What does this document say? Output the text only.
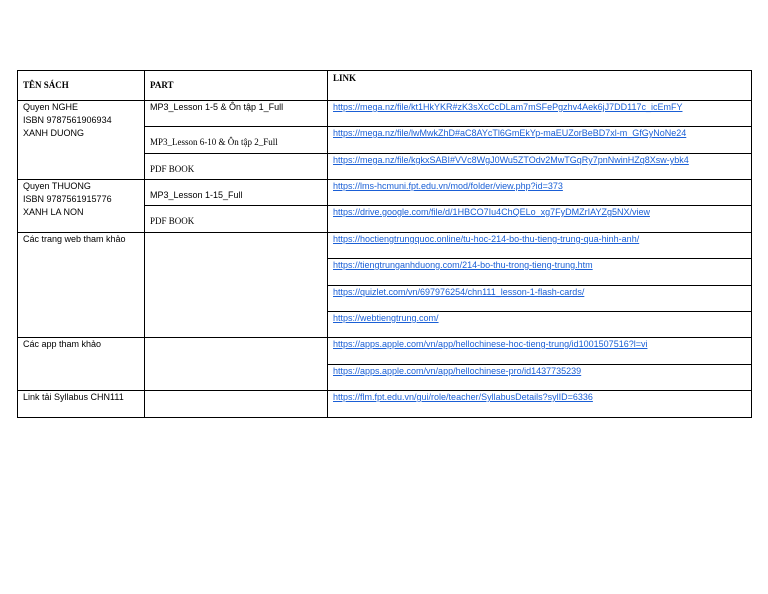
TÊN SÁCH	PART	LINK

Quyen NGHE
ISBN 9787561906934
XANH DUONG	MP3_Lesson 1-5 & Ôn tập 1_Full	https://mega.nz/file/kt1HkYKR#zK3sXcCcDLam7mSFePgzhv4Aek6jJ7DD117c_icEmFY
	MP3_Lesson 6-10 & Ôn tập 2_Full	https://mega.nz/file/lwMwkZhD#aC8AYcTl6GmEkYp-maEUZorBeBD7xl-m_GfGyNoNe24
	PDF BOOK	https://mega.nz/file/kgkxSABI#VVc8WgJ0Wu5ZTOdv2MwTGqRy7pnNwinHZq8Xsw-ybk4

Quyen THUONG
ISBN 9787561915776
XANH LA NON	MP3_Lesson 1-15_Full	https://lms-hcmuni.fpt.edu.vn/mod/folder/view.php?id=373
	PDF BOOK	https://drive.google.com/file/d/1HBCO7Iu4ChQELo_xg7FyDMZrIAYZg5NX/view
Các trang web tham khảo		https://hoctiengtrungquoc.online/tu-hoc-214-bo-thu-tieng-trung-qua-hinh-anh/
		https://tiengtrunganhduong.com/214-bo-thu-trong-tieng-trung.htm
		https://quizlet.com/vn/697976254/chn111_lesson-1-flash-cards/
		https://webtiengtrung.com/
Các app tham khảo		https://apps.apple.com/vn/app/hellochinese-hoc-tieng-trung/id1001507516?l=vi
		https://apps.apple.com/vn/app/hellochinese-pro/id1437735239
Link tải Syllabus CHN111		https://flm.fpt.edu.vn/gui/role/teacher/SyllabusDetails?sylID=6336
